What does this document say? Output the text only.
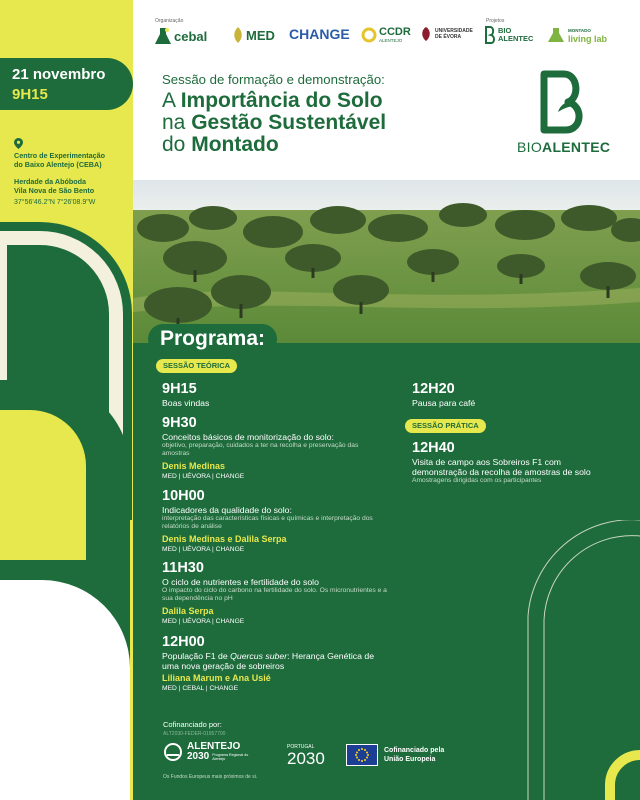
21 novembro
9H15
Centro de Experimentação
do Baixo Alentejo (CEBA)
Herdade da Abóboda
Vila Nova de São Bento
37°56'46.2"N 7°26'08.9"W
Organização	Projetos
cebal	MED CHANGE	CCDR
ALENTEJO
UNIVERSIDADE DE ÉVORA
BIO
ALENTEC
MONTADO
living lab
Sessão de formação e demonstração:
A Importância do Solo
na Gestão Sustentável
do Montado	BIOALENTEC
Programa:
SESSÃO TEÓRICA
9H15
Boas vindas
9H30
Conceitos básicos de monitorização do solo:
objetivo, preparação, cuidados a ter na recolha e preservação das amostras
Denis Medinas
MED | UÉVORA | CHANGE
10H00
Indicadores da qualidade do solo:
interpretação das características físicas e químicas e interpretação dos relatórios de análise
Denis Medinas e Dalila Serpa
MED | UÉVORA | CHANGE
11H30
O ciclo de nutrientes e fertilidade do solo
O impacto do ciclo do carbono na fertilidade do solo. Os micronutrientes e a sua dependência no pH
Dalila Serpa
MED | UÉVORA | CHANGE
12H00
População F1 de Quercus suber: Herança Genética de uma nova geração de sobreiros
Liliana Marum e Ana Usié
MED | CEBAL | CHANGE
12H20
Pausa para café
SESSÃO PRÁTICA
12H40
Visita de campo aos Sobreiros F1 com demonstração da recolha de amostras de solo
Amostragens dirigidas com os participantes
Cofinanciado por:
ALT2030-FEDER-01957700
ALENTEJO
2030 Programa Regional do Alentejo
PORTUGAL
2030	Cofinanciado pela
União Europeia
Os Fundos Europeus mais próximos de si.
